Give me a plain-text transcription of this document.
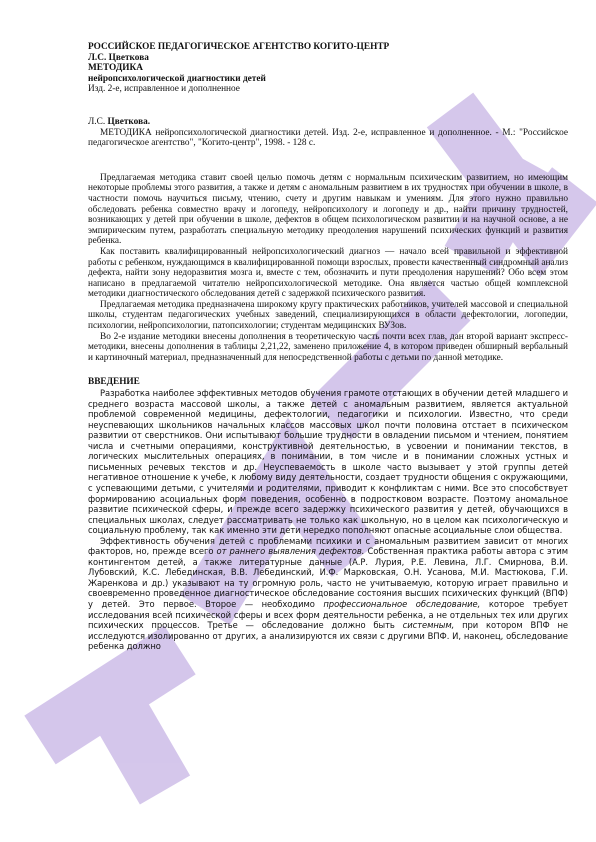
РОССИЙСКОЕ ПЕДАГОГИЧЕСКОЕ АГЕНТСТВО КОГИТО-ЦЕНТР
Л.С. Цветкова
МЕТОДИКА
нейропсихологической диагностики детей
Изд. 2-е, исправленное и дополненное
Л.С. Цветкова.

МЕТОДИКА нейропсихологической диагностики детей. Изд. 2-е, исправленное и дополненное. - М.: "Российское педагогическое агентство", "Когито-центр", 1998. - 128 с.

Предлагаемая методика ставит своей целью помочь детям с нормальным психическим развитием, но имеющим некоторые проблемы этого развития, а также и детям с аномальным развитием в их трудностях при обучении в школе, в частности помочь научиться письму, чтению, счету и другим навыкам и умениям. Для этого нужно правильно обследовать ребенка совместно врачу и логопеду, нейропсихологу и логопеду и др., найти причину трудностей, возникающих у детей при обучении в школе, дефектов в общем психологическом развитии и на научной основе, а не эмпирическим путем, разработать специальную методику преодоления нарушений психических функций и развития ребенка.

Как поставить квалифицированный нейропсихологический диагноз — начало всей правильной и эффективной работы с ребенком, нуждающимся в квалифицированной помощи взрослых, провести качественный синдромный анализ дефекта, найти зону недоразвития мозга и, вместе с тем, обозначить и пути преодоления нарушений? Обо всем этом написано в предлагаемой читателю нейропсихологической методике. Она является частью общей комплексной методики диагностического обследования детей с задержкой психического развития.

Предлагаемая методика предназначена широкому кругу практических работников, учителей массовой и специальной школы, студентам педагогических учебных заведений, специализирующихся в области дефектологии, логопедии, психологии, нейропсихологии, патопсихологии; студентам медицинских ВУЗов.

Во 2-е издание методики внесены дополнения в теоретическую часть почти всех глав, дан второй вариант экспресс-методики, внесены дополнения в таблицы 2,21,22, заменено приложение 4, в котором приведен обширный вербальный и картиночный материал, предназначенный для непосредственной работы с детьми по данной методике.

ВВЕДЕНИЕ

Разработка наиболее эффективных методов обучения грамоте отстающих в обучении детей младшего и среднего возраста массовой школы, а также детей с аномальным развитием, является актуальной проблемой современной медицины, дефектологии, педагогики и психологии. Известно, что среди неуспевающих школьников начальных классов массовых школ почти половина отстает в психическом развитии от сверстников. Они испытывают большие трудности в овладении письмом и чтением, понятием числа и счетными операциями, конструктивной деятельностью, в усвоении и понимании текстов, в логических мыслительных операциях, в понимании, в том числе и в понимании сложных устных и письменных речевых текстов и др. Неуспеваемость в школе часто вызывает у этой группы детей негативное отношение к учебе, к любому виду деятельности, создает трудности общения с окружающими, с успевающими детьми, с учителями и родителями, приводит к конфликтам с ними. Все это способствует формированию асоциальных форм поведения, особенно в подростковом возрасте. Поэтому аномальное развитие психической сферы, и прежде всего задержку психического развития у детей, обучающихся в специальных школах, следует рассматривать не только как школьную, но в целом как психологическую и социальную проблему, так как именно эти дети нередко пополняют опасные асоциальные слои общества.

Эффективность обучения детей с проблемами психики и с аномальным развитием зависит от многих факторов, но, прежде всего от раннего выявления дефектов. Собственная практика работы автора с этим контингентом детей, а также литературные данные (А.Р. Лурия, Р.Е. Левина, Л.Г. Смирнова, В.И. Лубовский, К.С. Лебединская, В.В. Лебединский, И.Ф. Марковская, О.Н. Усанова, М.И. Мастюкова, Г.И. Жаренкова и др.) указывают на ту огромную роль, часто не учитываемую, которую играет правильно и своевременно проведенное диагностическое обследование состояния высших психических функций (ВПФ) у детей. Это первое. Второе — необходимо профессиональное обследование, которое требует исследования всей психической сферы и всех форм деятельности ребенка, а не отдельных тех или других психических процессов. Третье — обследование должно быть системным, при котором ВПФ не исследуются изолированно от других, а анализируются их связи с другими ВПФ. И, наконец, обследование ребенка должно
